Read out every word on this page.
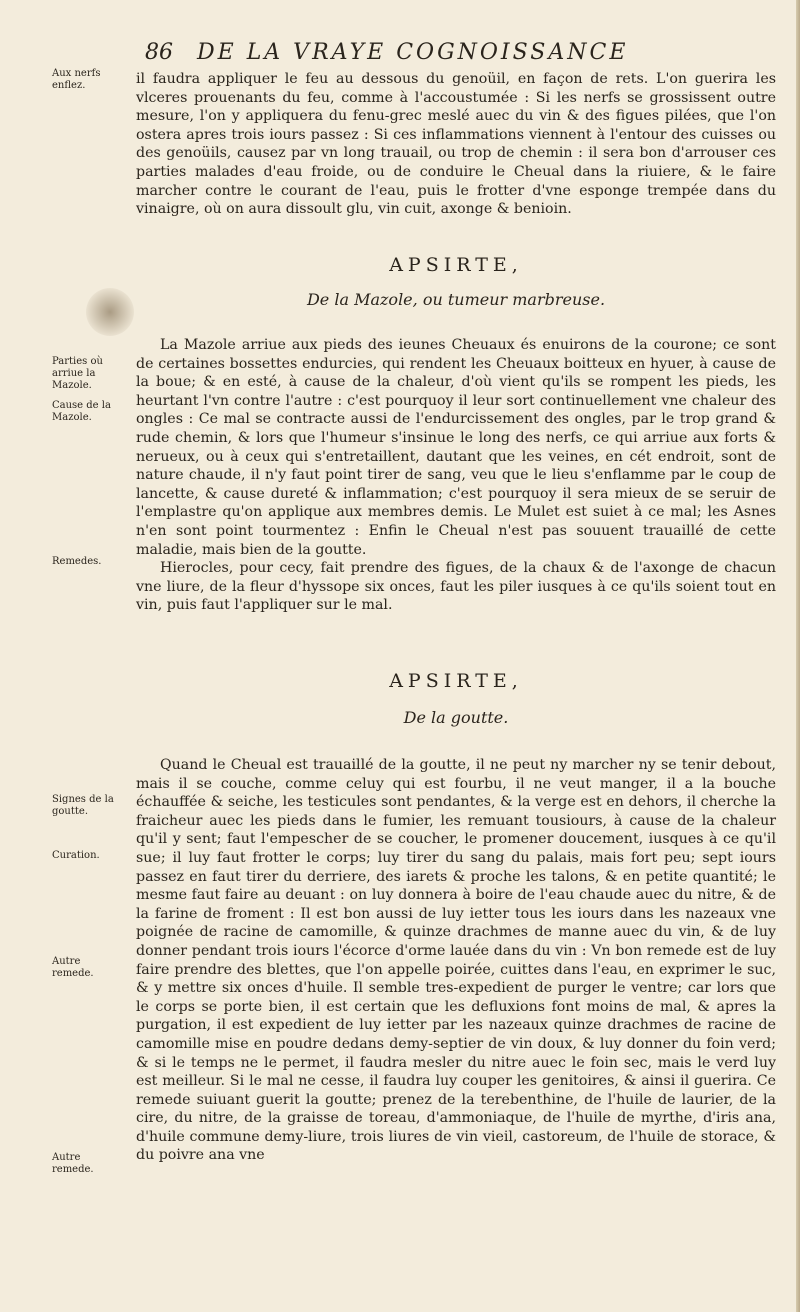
86 DE LA VRAYE COGNOISSANCE
Aux nerfs enflez.
Parties où arriue la Mazole.
Cause de la Mazole.
Remedes.
Signes de la goutte.
Curation.
Autre remede.
Autre remede.

il faudra appliquer le feu au dessous du genoüil, en façon de rets. L'on guerira les vlceres prouenants du feu, comme à l'accoustumée : Si les nerfs se grossissent outre mesure, l'on y appliquera du fenu-grec meslé auec du vin & des figues pilées, que l'on ostera apres trois iours passez : Si ces inflammations viennent à l'entour des cuisses ou des genoüils, causez par vn long trauail, ou trop de chemin : il sera bon d'arrouser ces parties malades d'eau froide, ou de conduire le Cheual dans la riuiere, & le faire marcher contre le courant de l'eau, puis le frotter d'vne esponge trempée dans du vinaigre, où on aura dissoult glu, vin cuit, axonge & benioin.

APSIRTE,
De la Mazole, ou tumeur marbreuse.

La Mazole arriue aux pieds des ieunes Cheuaux és enuirons de la courone; ce sont de certaines bossettes endurcies, qui rendent les Cheuaux boitteux en hyuer, à cause de la boue; & en esté, à cause de la chaleur, d'où vient qu'ils se rompent les pieds, les heurtant l'vn contre l'autre : c'est pourquoy il leur sort continuellement vne chaleur des ongles : Ce mal se contracte aussi de l'endurcissement des ongles, par le trop grand & rude chemin, & lors que l'humeur s'insinue le long des nerfs, ce qui arriue aux forts & nerueux, ou à ceux qui s'entretaillent, dautant que les veines, en cét endroit, sont de nature chaude, il n'y faut point tirer de sang, veu que le lieu s'enflamme par le coup de lancette, & cause dureté & inflammation; c'est pourquoy il sera mieux de se seruir de l'emplastre qu'on applique aux membres demis. Le Mulet est suiet à ce mal; les Asnes n'en sont point tourmentez : Enfin le Cheual n'est pas souuent trauaillé de cette maladie, mais bien de la goutte.

Hierocles, pour cecy, fait prendre des figues, de la chaux & de l'axonge de chacun vne liure, de la fleur d'hyssope six onces, faut les piler iusques à ce qu'ils soient tout en vin, puis faut l'appliquer sur le mal.

APSIRTE,
De la goutte.

Quand le Cheual est trauaillé de la goutte, il ne peut ny marcher ny se tenir debout, mais il se couche, comme celuy qui est fourbu, il ne veut manger, il a la bouche échauffée & seiche, les testicules sont pendantes, & la verge est en dehors, il cherche la fraicheur auec les pieds dans le fumier, les remuant tousiours, à cause de la chaleur qu'il y sent; faut l'empescher de se coucher, le promener doucement, iusques à ce qu'il sue; il luy faut frotter le corps; luy tirer du sang du palais, mais fort peu; sept iours passez en faut tirer du derriere, des iarets & proche les talons, & en petite quantité; le mesme faut faire au deuant : on luy donnera à boire de l'eau chaude auec du nitre, & de la farine de froment : Il est bon aussi de luy ietter tous les iours dans les nazeaux vne poignée de racine de camomille, & quinze drachmes de manne auec du vin, & de luy donner pendant trois iours l'écorce d'orme lauée dans du vin : Vn bon remede est de luy faire prendre des blettes, que l'on appelle poirée, cuittes dans l'eau, en exprimer le suc, & y mettre six onces d'huile. Il semble tres-expedient de purger le ventre; car lors que le corps se porte bien, il est certain que les defluxions font moins de mal, & apres la purgation, il est expedient de luy ietter par les nazeaux quinze drachmes de racine de camomille mise en poudre dedans demy-septier de vin doux, & luy donner du foin verd; & si le temps ne le permet, il faudra mesler du nitre auec le foin sec, mais le verd luy est meilleur. Si le mal ne cesse, il faudra luy couper les genitoires, & ainsi il guerira. Ce remede suiuant guerit la goutte; prenez de la terebenthine, de l'huile de laurier, de la cire, du nitre, de la graisse de toreau, d'ammoniaque, de l'huile de myrthe, d'iris ana, d'huile commune demy-liure, trois liures de vin vieil, castoreum, de l'huile de storace, & du poivre ana vne
